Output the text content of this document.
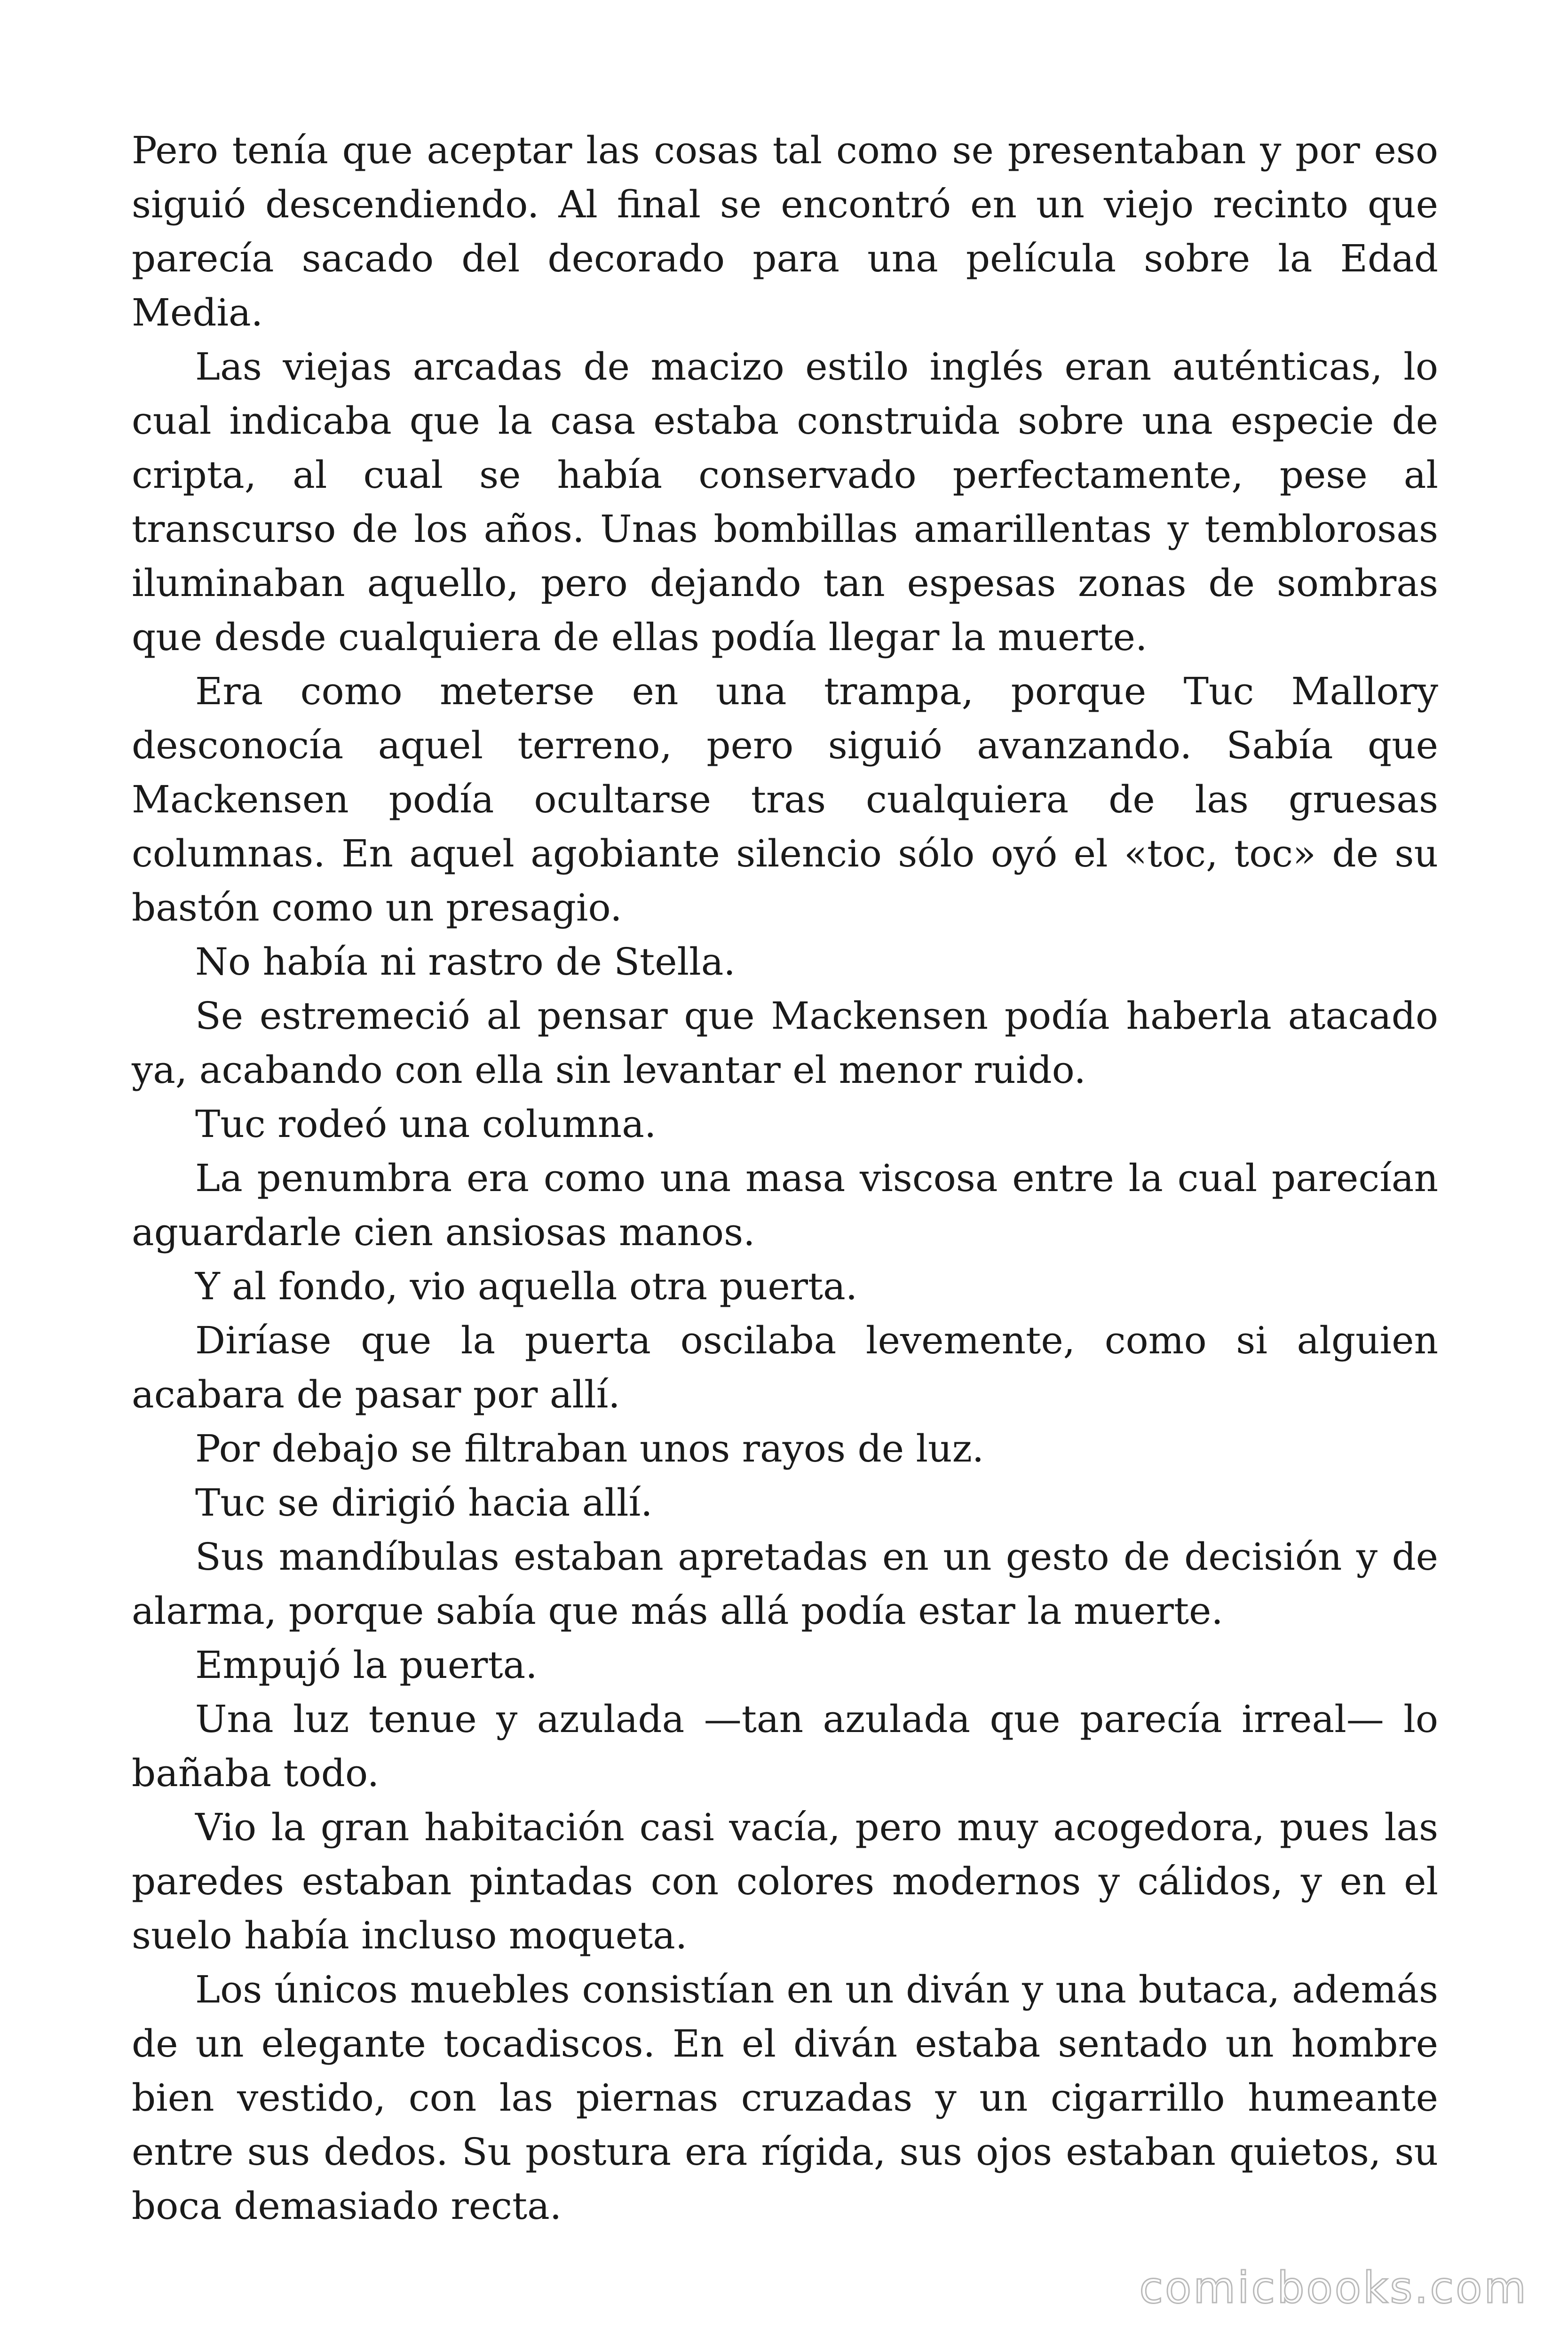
Pero tenía que aceptar las cosas tal como se presentaban y por eso siguió descendiendo. Al final se encontró en un viejo recinto que parecía sacado del decorado para una película sobre la Edad Media.

Las viejas arcadas de macizo estilo inglés eran auténticas, lo cual indicaba que la casa estaba construida sobre una especie de cripta, al cual se había conservado perfectamente, pese al transcurso de los años. Unas bombillas amarillentas y temblorosas iluminaban aquello, pero dejando tan espesas zonas de sombras que desde cualquiera de ellas podía llegar la muerte.

Era como meterse en una trampa, porque Tuc Mallory desconocía aquel terreno, pero siguió avanzando. Sabía que Mackensen podía ocultarse tras cualquiera de las gruesas columnas. En aquel agobiante silencio sólo oyó el «toc, toc» de su bastón como un presagio.

No había ni rastro de Stella.

Se estremeció al pensar que Mackensen podía haberla atacado ya, acabando con ella sin levantar el menor ruido.

Tuc rodeó una columna.

La penumbra era como una masa viscosa entre la cual parecían aguardarle cien ansiosas manos.

Y al fondo, vio aquella otra puerta.

Diríase que la puerta oscilaba levemente, como si alguien acabara de pasar por allí.

Por debajo se filtraban unos rayos de luz.

Tuc se dirigió hacia allí.

Sus mandíbulas estaban apretadas en un gesto de decisión y de alarma, porque sabía que más allá podía estar la muerte.

Empujó la puerta.

Una luz tenue y azulada —tan azulada que parecía irreal— lo bañaba todo.

Vio la gran habitación casi vacía, pero muy acogedora, pues las paredes estaban pintadas con colores modernos y cálidos, y en el suelo había incluso moqueta.

Los únicos muebles consistían en un diván y una butaca, además de un elegante tocadiscos. En el diván estaba sentado un hombre bien vestido, con las piernas cruzadas y un cigarrillo humeante entre sus dedos. Su postura era rígida, sus ojos estaban quietos, su boca demasiado recta.

comicbooks.com
